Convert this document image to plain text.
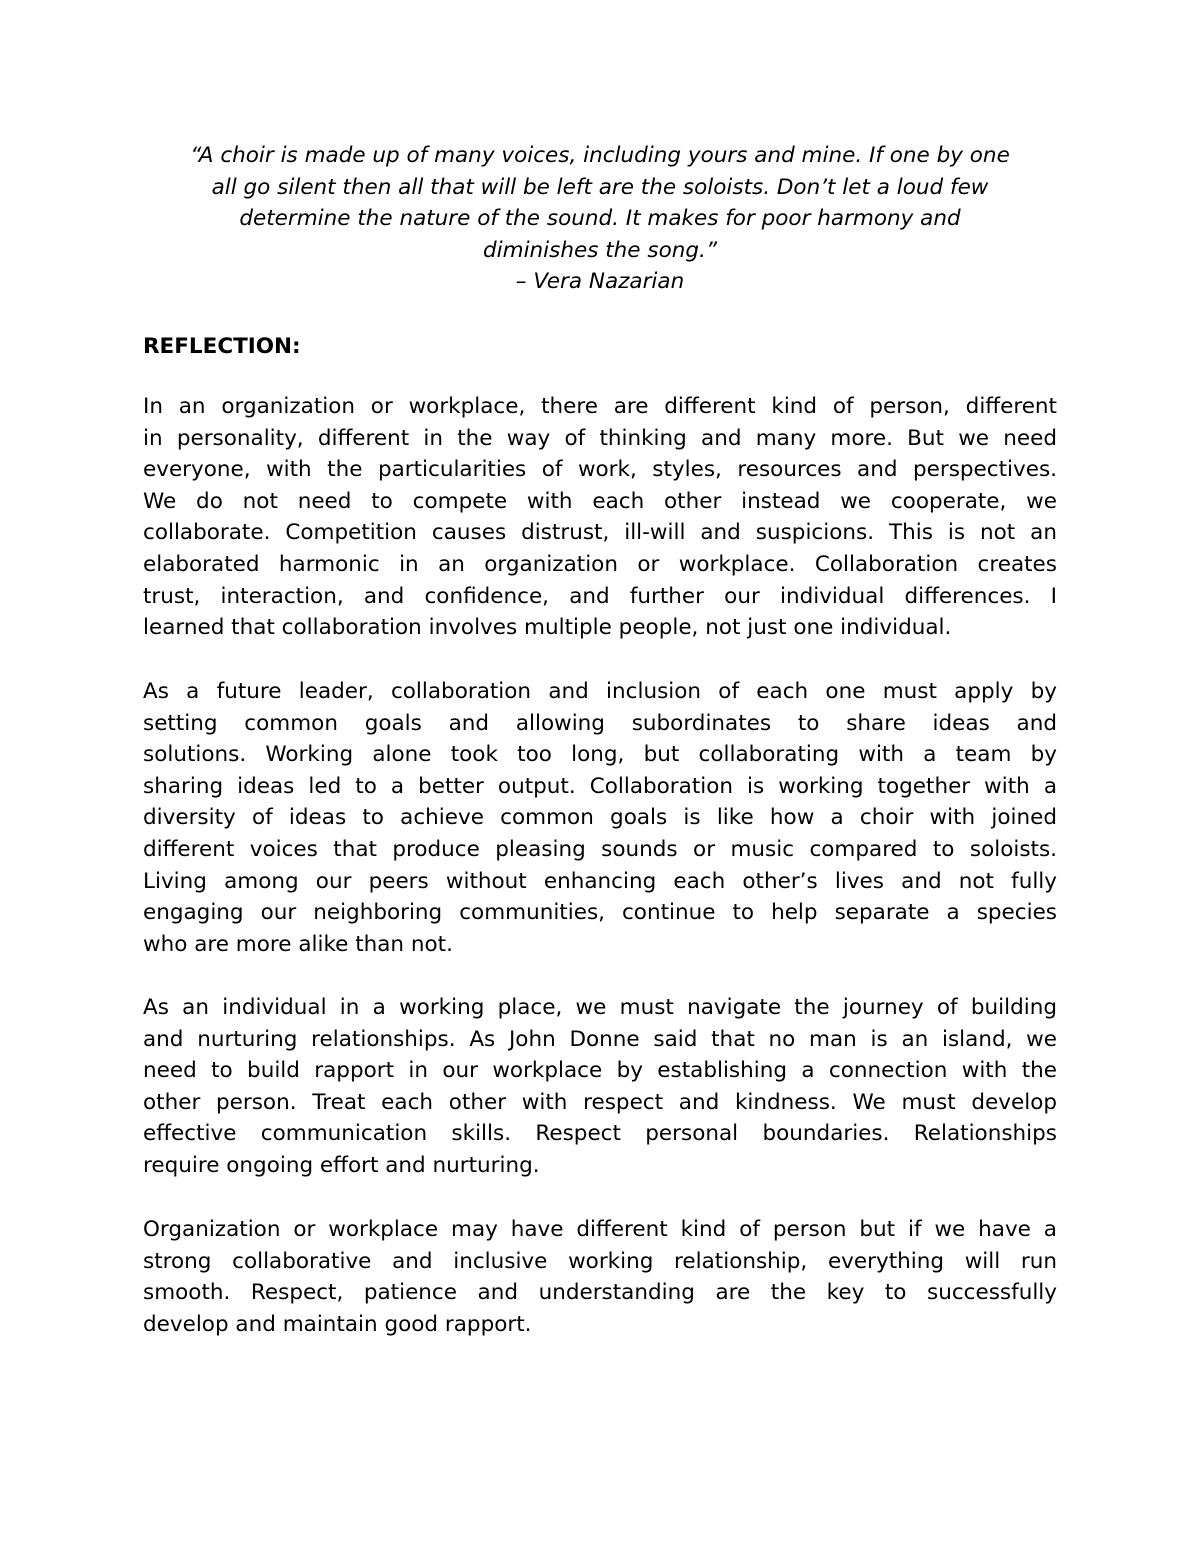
“A choir is made up of many voices, including yours and mine. If one by one
all go silent then all that will be left are the soloists. Don’t let a loud few
determine the nature of the sound. It makes for poor harmony and
diminishes the song.”
– Vera Nazarian
REFLECTION:
In an organization or workplace, there are different kind of person, different
in personality, different in the way of thinking and many more. But we need
everyone, with the particularities of work, styles, resources and perspectives.
We do not need to compete with each other instead we cooperate, we
collaborate. Competition causes distrust, ill-will and suspicions. This is not an
elaborated harmonic in an organization or workplace. Collaboration creates
trust, interaction, and confidence, and further our individual differences. I
learned that collaboration involves multiple people, not just one individual.
As a future leader, collaboration and inclusion of each one must apply by
setting common goals and allowing subordinates to share ideas and
solutions. Working alone took too long, but collaborating with a team by
sharing ideas led to a better output. Collaboration is working together with a
diversity of ideas to achieve common goals is like how a choir with joined
different voices that produce pleasing sounds or music compared to soloists.
Living among our peers without enhancing each other’s lives and not fully
engaging our neighboring communities, continue to help separate a species
who are more alike than not.
As an individual in a working place, we must navigate the journey of building
and nurturing relationships. As John Donne said that no man is an island, we
need to build rapport in our workplace by establishing a connection with the
other person. Treat each other with respect and kindness. We must develop
effective communication skills. Respect personal boundaries. Relationships
require ongoing effort and nurturing.
Organization or workplace may have different kind of person but if we have a
strong collaborative and inclusive working relationship, everything will run
smooth. Respect, patience and understanding are the key to successfully
develop and maintain good rapport.
